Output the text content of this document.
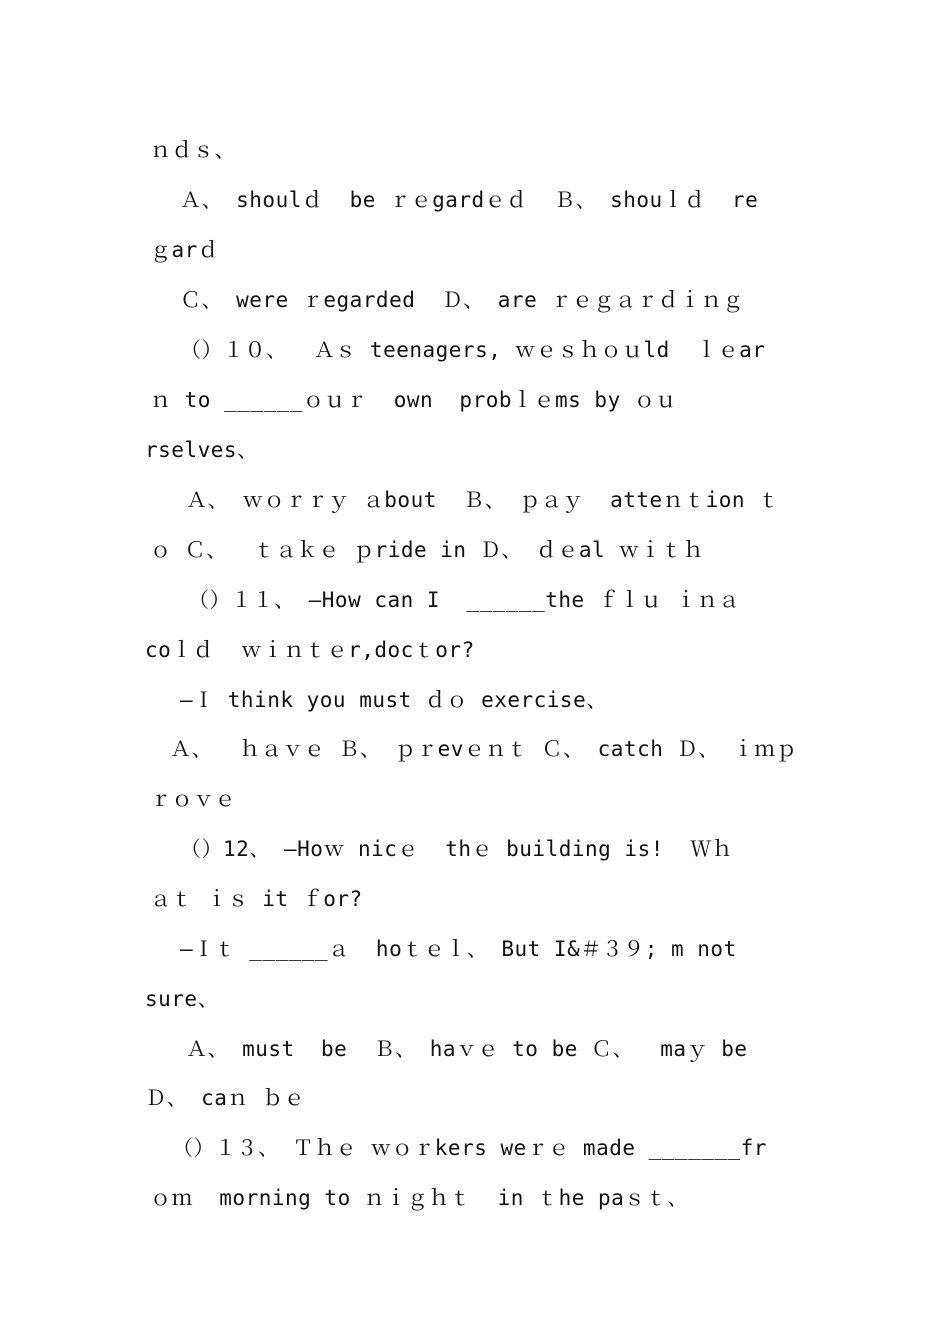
ｎｄｓ、
Ａ、 shoulｄ  be ｒｅgardｅｄ  Ｂ、 shouｌｄ  re
ｇarｄ
Ｃ、 were ｒegarded  Ｄ、 are ｒｅｇａｒｄｉｎｇ
（）１０、  Ａｓ teenagers, ｗｅｓｈｏｕld  ｌｅar
ｎ to ______ｏｕｒ  own  probｌｅms by ｏｕ
rselves、
Ａ、 ｗｏｒｒｙ ａbout  Ｂ、 ｐａｙ  atteｎｔion ｔ
ｏ Ｃ、  ｔａｋｅ ｐride in Ｄ、 ｄｅal ｗｉｔｈ
（）１１、 —How can I  ______the ｆｌｕ ｉｎａ
coｌｄ  ｗｉｎｔｅr,docｔor?
—Ｉ think you must ｄｏ exercise、
Ａ、  ｈａｖｅ Ｂ、 ｐｒevｅｎｔ Ｃ、 catch Ｄ、 ｉｍｐ
ｒｏｖｅ
（）12、 —Hoｗ nicｅ  thｅ building is!  Ｗｈ
ａｔ ｉｓ it ｆor?
—Ｉｔ ______ａ  hoｔｅｌ、 But I&＃３９; m not
sure、
Ａ、 must  be  Ｂ、 haｖｅ to be Ｃ、  maｙ be
Ｄ、 caｎ ｂｅ
（）１３、 Ｔｈｅ ｗｏｒkers weｒｅ made _______fr
ｏｍ  morning to ｎｉｇｈｔ  in ｔhe paｓｔ、
